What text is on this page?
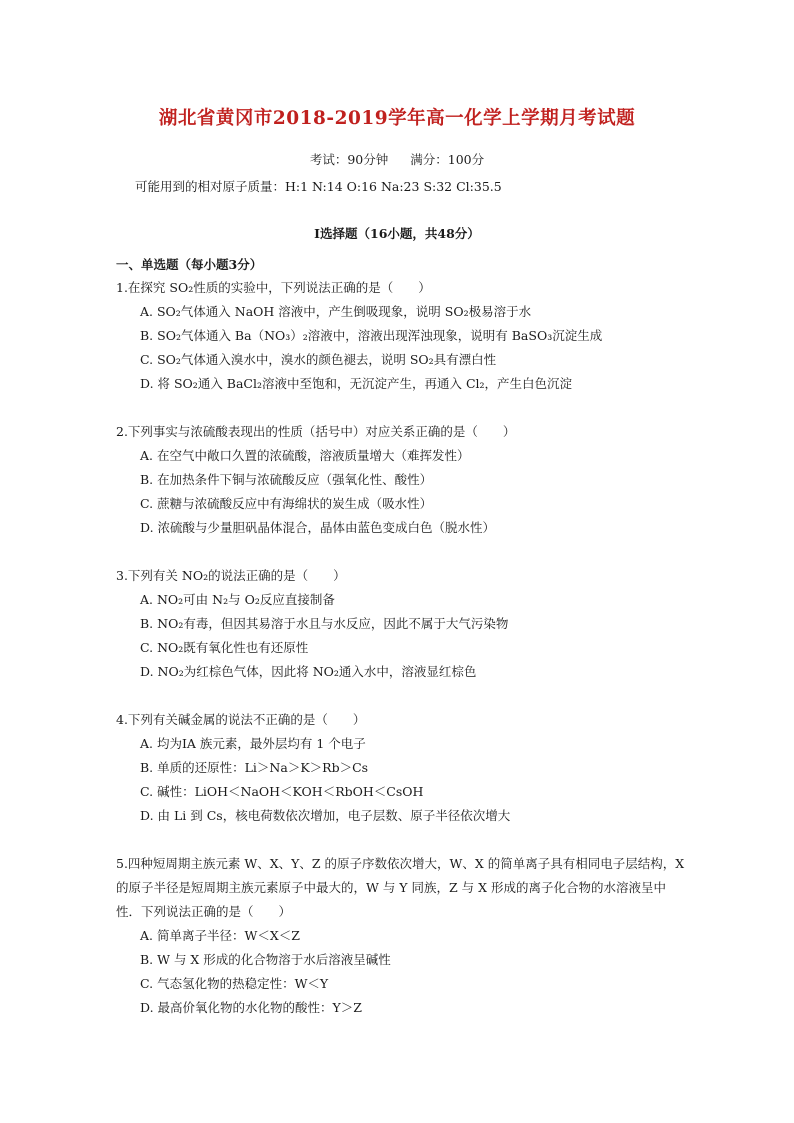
湖北省黄冈市2018-2019学年高一化学上学期月考试题
考试：90分钟 满分：100分
可能用到的相对原子质量：H:1 N:14 O:16 Na:23 S:32 Cl:35.5
Ⅰ选择题（16小题，共48分）
一、单选题（每小题3分）
1.在探究 SO₂性质的实验中，下列说法正确的是（　　）
A. SO₂气体通入 NaOH 溶液中，产生倒吸现象，说明 SO₂极易溶于水
B. SO₂气体通入 Ba（NO₃）₂溶液中，溶液出现浑浊现象，说明有 BaSO₃沉淀生成
C. SO₂气体通入溴水中，溴水的颜色褪去，说明 SO₂具有漂白性
D. 将 SO₂通入 BaCl₂溶液中至饱和，无沉淀产生，再通入 Cl₂，产生白色沉淀
2.下列事实与浓硫酸表现出的性质（括号中）对应关系正确的是（　　）
A. 在空气中敞口久置的浓硫酸，溶液质量增大（难挥发性）
B. 在加热条件下铜与浓硫酸反应（强氧化性、酸性）
C. 蔗糖与浓硫酸反应中有海绵状的炭生成（吸水性）
D. 浓硫酸与少量胆矾晶体混合，晶体由蓝色变成白色（脱水性）
3.下列有关 NO₂的说法正确的是（　　）
A. NO₂可由 N₂与 O₂反应直接制备
B. NO₂有毒，但因其易溶于水且与水反应，因此不属于大气污染物
C. NO₂既有氧化性也有还原性
D. NO₂为红棕色气体，因此将 NO₂通入水中，溶液显红棕色
4.下列有关碱金属的说法不正确的是（　　）
A. 均为ⅠA 族元素，最外层均有 1 个电子
B. 单质的还原性：Li＞Na＞K＞Rb＞Cs
C. 碱性：LiOH＜NaOH＜KOH＜RbOH＜CsOH
D. 由 Li 到 Cs，核电荷数依次增加，电子层数、原子半径依次增大
5.四种短周期主族元素 W、X、Y、Z 的原子序数依次增大，W、X 的简单离子具有相同电子层结构，X 的原子半径是短周期主族元素原子中最大的，W 与 Y 同族，Z 与 X 形成的离子化合物的水溶液呈中性．下列说法正确的是（　　）
A. 简单离子半径：W＜X＜Z
B. W 与 X 形成的化合物溶于水后溶液呈碱性
C. 气态氢化物的热稳定性：W＜Y
D. 最高价氧化物的水化物的酸性：Y＞Z
